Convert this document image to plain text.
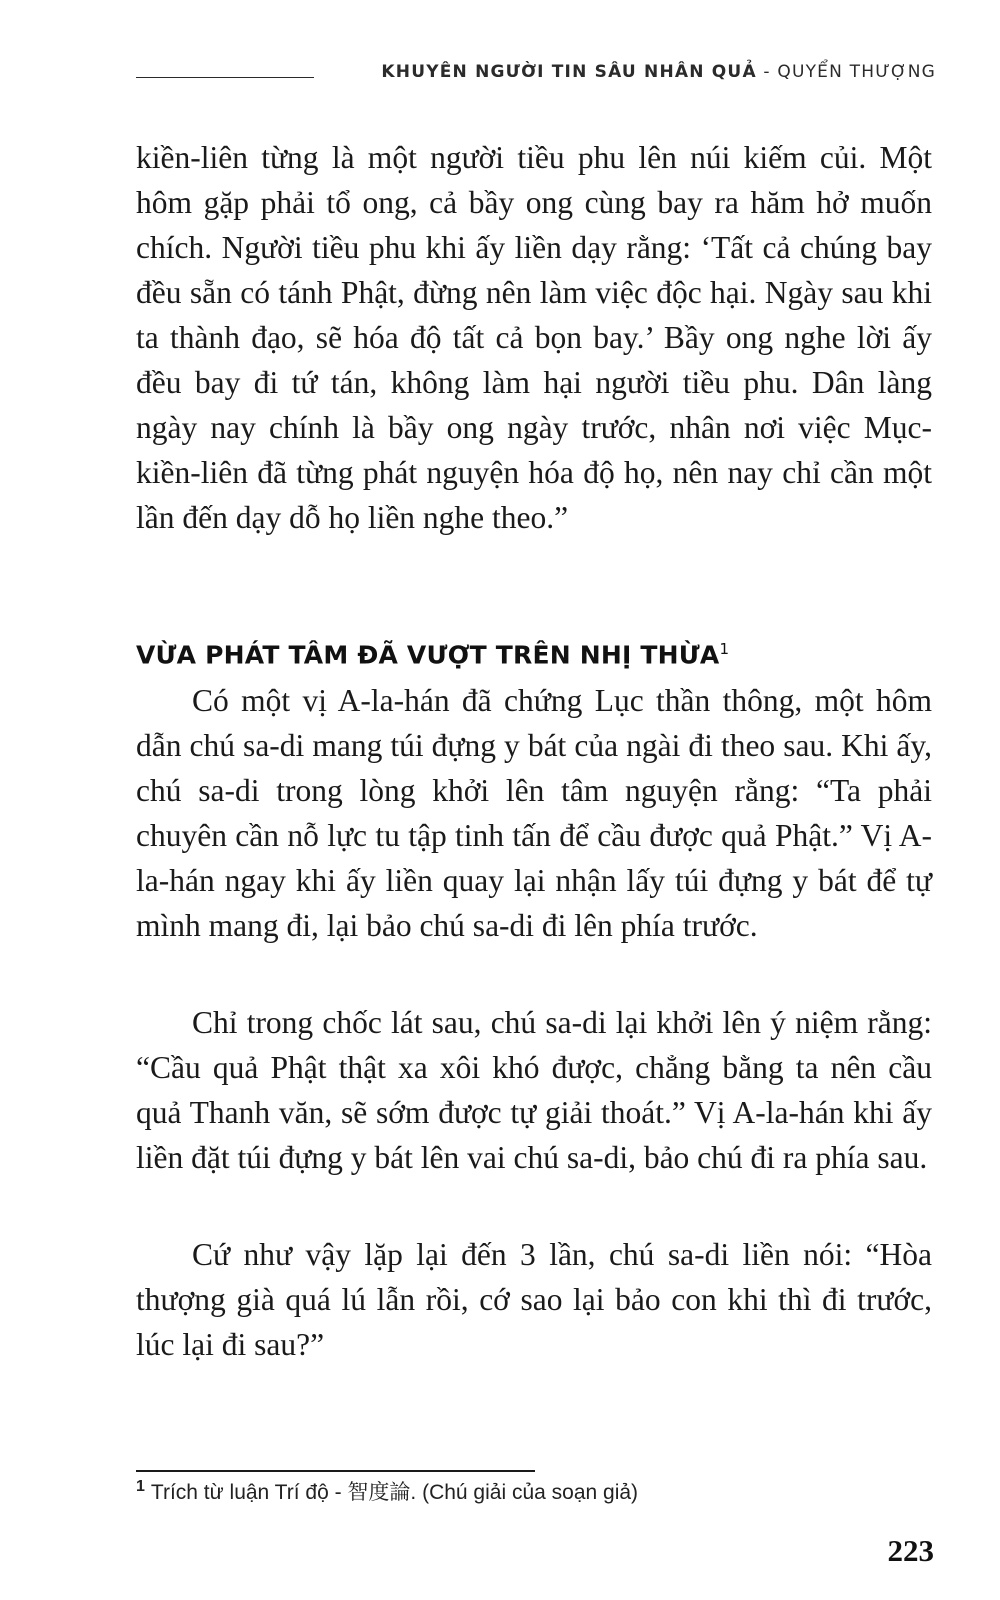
KHUYÊN NGƯỜI TIN SÂU NHÂN QUẢ - QUYỂN THƯỢNG

kiền-liên từng là một người tiều phu lên núi kiếm củi. Một hôm gặp phải tổ ong, cả bầy ong cùng bay ra hăm hở muốn chích. Người tiều phu khi ấy liền dạy rằng: ‘Tất cả chúng bay đều sẵn có tánh Phật, đừng nên làm việc độc hại. Ngày sau khi ta thành đạo, sẽ hóa độ tất cả bọn bay.’ Bầy ong nghe lời ấy đều bay đi tứ tán, không làm hại người tiều phu. Dân làng ngày nay chính là bầy ong ngày trước, nhân nơi việc Mục-kiền-liên đã từng phát nguyện hóa độ họ, nên nay chỉ cần một lần đến dạy dỗ họ liền nghe theo.”

VỪA PHÁT TÂM ĐÃ VƯỢT TRÊN NHỊ THỪA$^1$

Có một vị A-la-hán đã chứng Lục thần thông, một hôm dẫn chú sa-di mang túi đựng y bát của ngài đi theo sau. Khi ấy, chú sa-di trong lòng khởi lên tâm nguyện rằng: “Ta phải chuyên cần nỗ lực tu tập tinh tấn để cầu được quả Phật.” Vị A-la-hán ngay khi ấy liền quay lại nhận lấy túi đựng y bát để tự mình mang đi, lại bảo chú sa-di đi lên phía trước.

Chỉ trong chốc lát sau, chú sa-di lại khởi lên ý niệm rằng: “Cầu quả Phật thật xa xôi khó được, chẳng bằng ta nên cầu quả Thanh văn, sẽ sớm được tự giải thoát.” Vị A-la-hán khi ấy liền đặt túi đựng y bát lên vai chú sa-di, bảo chú đi ra phía sau.

Cứ như vậy lặp lại đến 3 lần, chú sa-di liền nói: “Hòa thượng già quá lú lẫn rồi, cớ sao lại bảo con khi thì đi trước, lúc lại đi sau?”

$^1$ Trích từ luận Trí độ - 智度論. (Chú giải của soạn giả)
223
